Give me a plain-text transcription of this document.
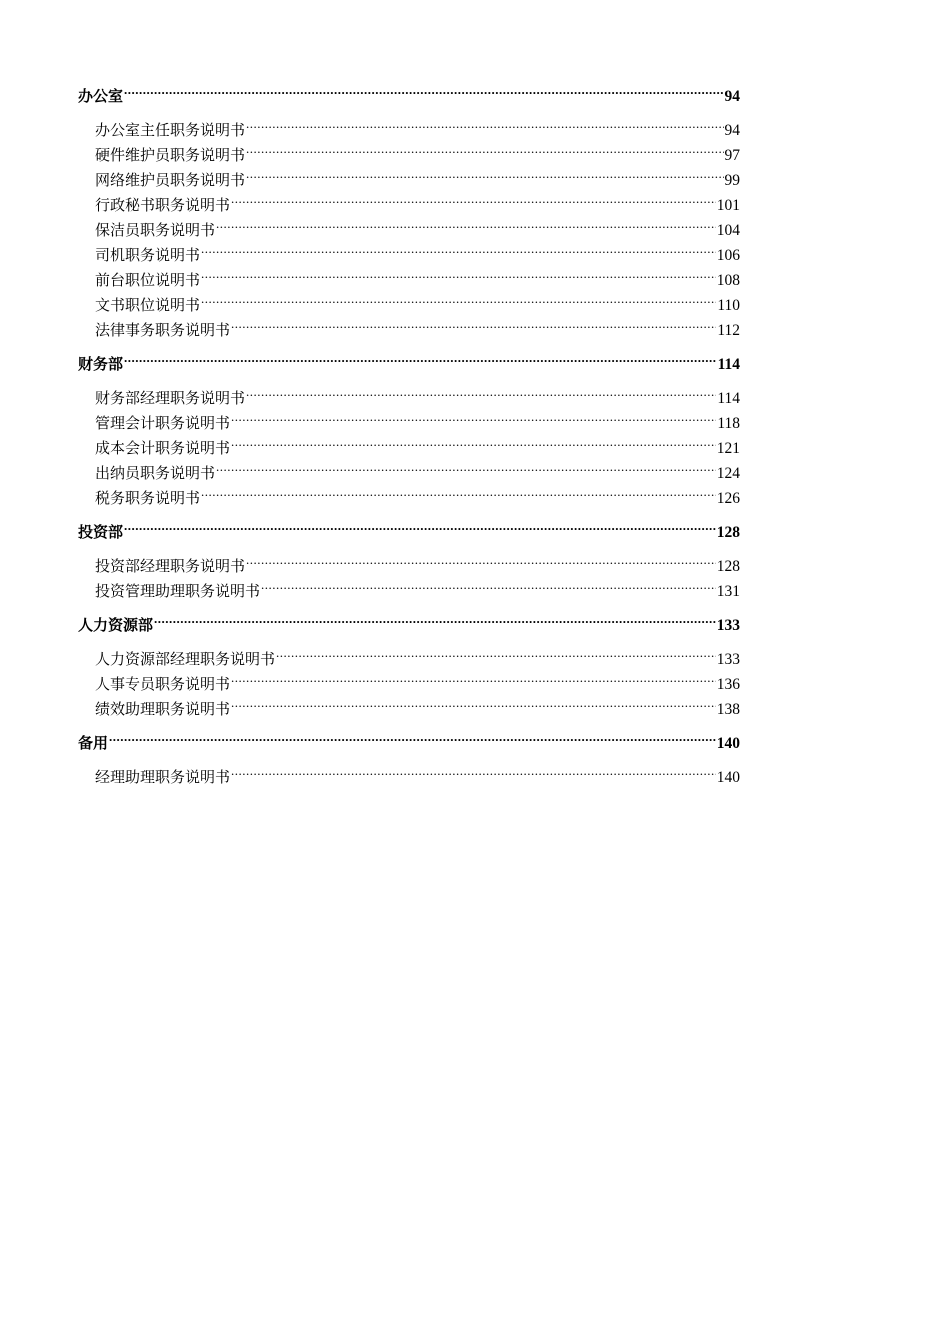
办公室 .....	94
办公室主任职务说明书 .....	94
硬件维护员职务说明书 .....	97
网络维护员职务说明书 .....	99
行政秘书职务说明书 .....	101
保洁员职务说明书 .....	104
司机职务说明书 .....	106
前台职位说明书 .....	108
文书职位说明书 .....	110
法律事务职务说明书 .....	112
财务部 .....	114
财务部经理职务说明书 .....	114
管理会计职务说明书 .....	118
成本会计职务说明书 .....	121
出纳员职务说明书 .....	124
税务职务说明书 .....	126
投资部 .....	128
投资部经理职务说明书 .....	128
投资管理助理职务说明书 .....	131
人力资源部 .....	133
人力资源部经理职务说明书 .....	133
人事专员职务说明书 .....	136
绩效助理职务说明书 .....	138
备用 .....	140
经理助理职务说明书 .....	140
